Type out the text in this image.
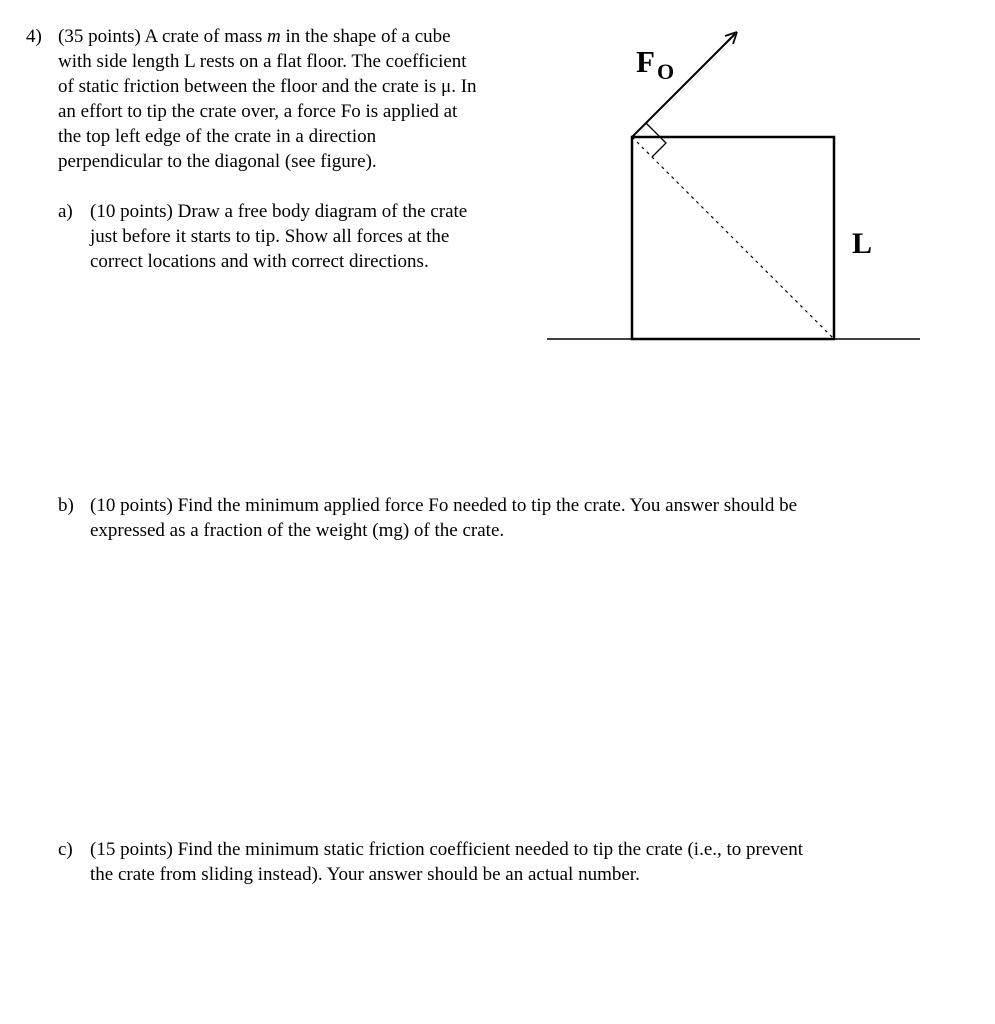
4) (35 points) A crate of mass m in the shape of a cube
with side length L rests on a flat floor. The coefficient
of static friction between the floor and the crate is μ. In
an effort to tip the crate over, a force Fo is applied at
the top left edge of the crate in a direction
perpendicular to the diagonal (see figure).
a) (10 points) Draw a free body diagram of the crate
just before it starts to tip. Show all forces at the
correct locations and with correct directions.
b) (10 points) Find the minimum applied force Fo needed to tip the crate. You answer should be
expressed as a fraction of the weight (mg) of the crate.
c) (15 points) Find the minimum static friction coefficient needed to tip the crate (i.e., to prevent
the crate from sliding instead). Your answer should be an actual number.
$F_O$
L
